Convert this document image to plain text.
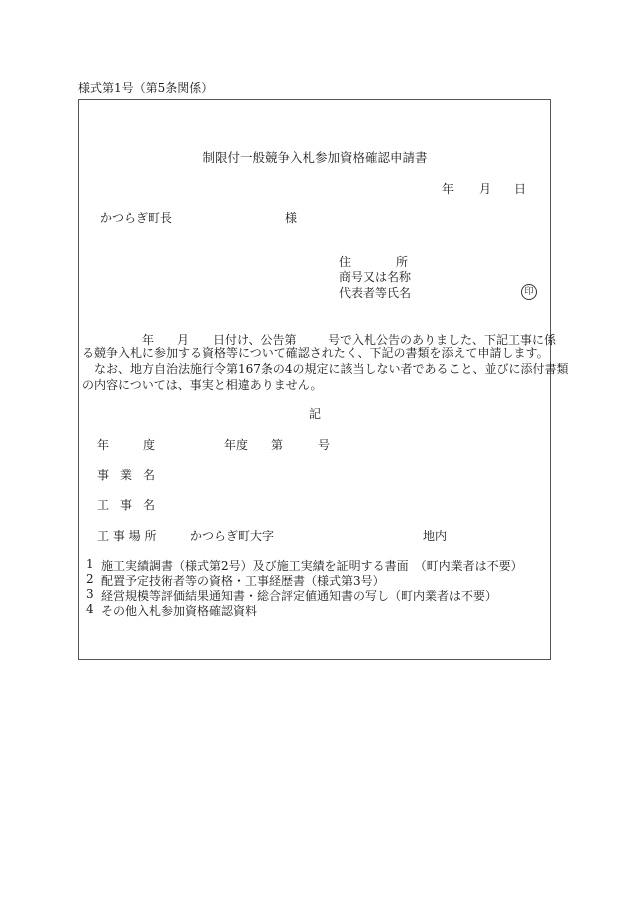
様式第1号（第5条関係）
制限付一般競争入札参加資格確認申請書
年 月 日
かつらぎ町長	様
住	所
商号又は名称
代表者等氏名	印
年 月 日付け、公告第	号で入札公告のありました、下記工事に係
る競争入札に参加する資格等について確認されたく、下記の書類を添えて申請します。
　なお、地方自治法施行令第167条の4の規定に該当しない者であること、並びに添付書類
の内容については、事実と相違ありません。
記
年	度	年度 第	号
事 業 名
工 事 名
工 事 場 所	かつらぎ町大字	地内
1 施工実績調書（様式第2号）及び施工実績を証明する書面　（町内業者は不要）
2 配置予定技術者等の資格・工事経歴書（様式第3号）
3 経営規模等評価結果通知書・総合評定値通知書の写し（町内業者は不要）
4 その他入札参加資格確認資料
